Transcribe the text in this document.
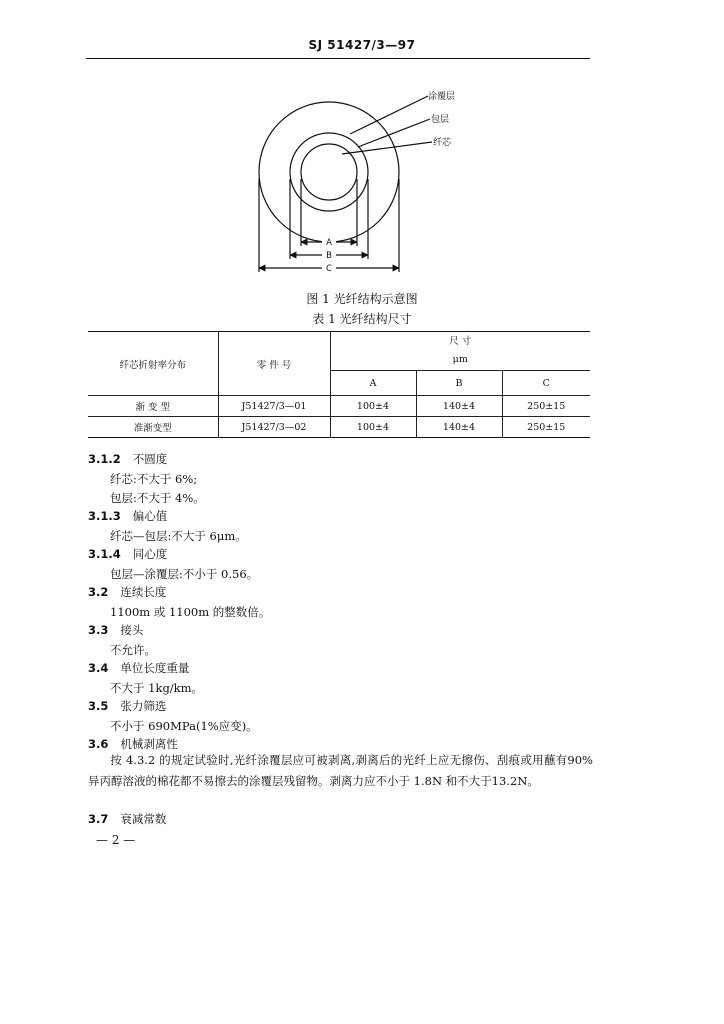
SJ 51427/3—97
A
B
C
涂覆层
包层
纤芯
图 1 光纤结构示意图
表 1 光纤结构尺寸
纤芯折射率分布	零 件 号	尺 寸
μm		

		A	B	C
渐 变 型	J51427/3—01	100±4	140±4	250±15
准渐变型	J51427/3—02	100±4	140±4	250±15
3.1.2 不圆度
纤芯:不大于 6%;
包层:不大于 4%。
3.1.3 偏心值
纤芯—包层:不大于 6μm。
3.1.4 同心度
包层—涂覆层:不小于 0.56。
3.2 连续长度
1100m 或 1100m 的整数倍。
3.3 接头
不允许。
3.4 单位长度重量
不大于 1kg/km。
3.5 张力筛选
不小于 690MPa(1%应变)。
3.6 机械剥离性
按 4.3.2 的规定试验时,光纤涂覆层应可被剥离,剥离后的光纤上应无擦伤、刮痕或用蘸有90%异丙醇溶液的棉花都不易擦去的涂覆层残留物。剥离力应不小于 1.8N 和不大于13.2N。
3.7 衰减常数
— 2 —
